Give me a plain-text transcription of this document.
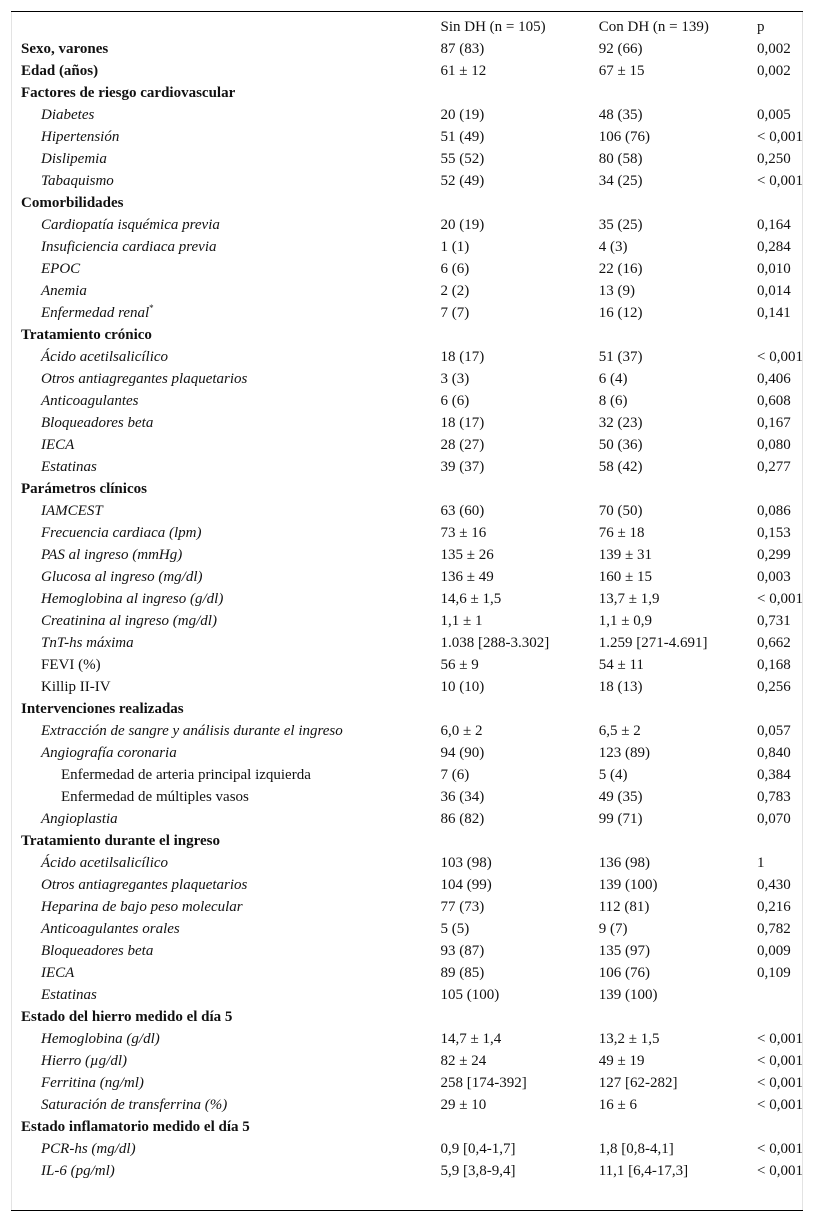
	Sin DH (n = 105)	Con DH (n = 139)	p
Sexo, varones	87 (83)	92 (66)	0,002
Edad (años)	61 ± 12	67 ± 15	0,002
Factores de riesgo cardiovascular			
Diabetes	20 (19)	48 (35)	0,005
Hipertensión	51 (49)	106 (76)	< 0,001
Dislipemia	55 (52)	80 (58)	0,250
Tabaquismo	52 (49)	34 (25)	< 0,001
Comorbilidades			
Cardiopatía isquémica previa	20 (19)	35 (25)	0,164
Insuficiencia cardiaca previa	1 (1)	4 (3)	0,284
EPOC	6 (6)	22 (16)	0,010
Anemia	2 (2)	13 (9)	0,014
Enfermedad renal*	7 (7)	16 (12)	0,141
Tratamiento crónico			
Ácido acetilsalicílico	18 (17)	51 (37)	< 0,001
Otros antiagregantes plaquetarios	3 (3)	6 (4)	0,406
Anticoagulantes	6 (6)	8 (6)	0,608
Bloqueadores beta	18 (17)	32 (23)	0,167
IECA	28 (27)	50 (36)	0,080
Estatinas	39 (37)	58 (42)	0,277
Parámetros clínicos			
IAMCEST	63 (60)	70 (50)	0,086
Frecuencia cardiaca (lpm)	73 ± 16	76 ± 18	0,153
PAS al ingreso (mmHg)	135 ± 26	139 ± 31	0,299
Glucosa al ingreso (mg/dl)	136 ± 49	160 ± 15	0,003
Hemoglobina al ingreso (g/dl)	14,6 ± 1,5	13,7 ± 1,9	< 0,001
Creatinina al ingreso (mg/dl)	1,1 ± 1	1,1 ± 0,9	0,731
TnT-hs máxima	1.038 [288-3.302]	1.259 [271-4.691]	0,662
FEVI (%)	56 ± 9	54 ± 11	0,168
Killip II-IV	10 (10)	18 (13)	0,256
Intervenciones realizadas			
Extracción de sangre y análisis durante el ingreso	6,0 ± 2	6,5 ± 2	0,057
Angiografía coronaria	94 (90)	123 (89)	0,840
Enfermedad de arteria principal izquierda	7 (6)	5 (4)	0,384
Enfermedad de múltiples vasos	36 (34)	49 (35)	0,783
Angioplastia	86 (82)	99 (71)	0,070
Tratamiento durante el ingreso			
Ácido acetilsalicílico	103 (98)	136 (98)	1
Otros antiagregantes plaquetarios	104 (99)	139 (100)	0,430
Heparina de bajo peso molecular	77 (73)	112 (81)	0,216
Anticoagulantes orales	5 (5)	9 (7)	0,782
Bloqueadores beta	93 (87)	135 (97)	0,009
IECA	89 (85)	106 (76)	0,109
Estatinas	105 (100)	139 (100)	
Estado del hierro medido el día 5			
Hemoglobina (g/dl)	14,7 ± 1,4	13,2 ± 1,5	< 0,001
Hierro (µg/dl)	82 ± 24	49 ± 19	< 0,001
Ferritina (ng/ml)	258 [174-392]	127 [62-282]	< 0,001
Saturación de transferrina (%)	29 ± 10	16 ± 6	< 0,001
Estado inflamatorio medido el día 5			
PCR-hs (mg/dl)	0,9 [0,4-1,7]	1,8 [0,8-4,1]	< 0,001
IL-6 (pg/ml)	5,9 [3,8-9,4]	11,1 [6,4-17,3]	< 0,001
